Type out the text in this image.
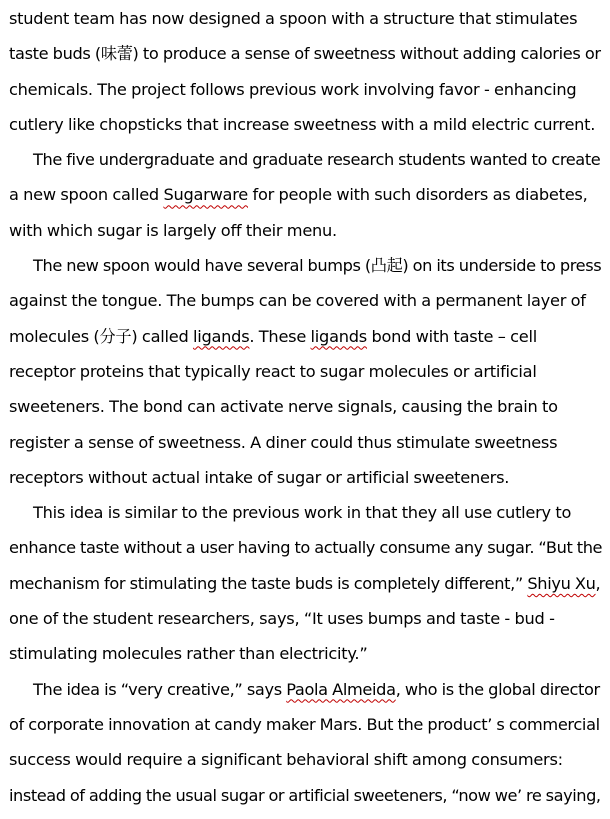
student team has now designed a spoon with a structure that stimulates
taste buds (味蕾) to produce a sense of sweetness without adding calories or
chemicals. The project follows previous work involving favor - enhancing
cutlery like chopsticks that increase sweetness with a mild electric current.
The five undergraduate and graduate research students wanted to create
a new spoon called Sugarware for people with such disorders as diabetes,
with which sugar is largely off their menu.
The new spoon would have several bumps (凸起) on its underside to press
against the tongue. The bumps can be covered with a permanent layer of
molecules (分子) called ligands. These ligands bond with taste – cell
receptor proteins that typically react to sugar molecules or artificial
sweeteners. The bond can activate nerve signals, causing the brain to
register a sense of sweetness. A diner could thus stimulate sweetness
receptors without actual intake of sugar or artificial sweeteners.
This idea is similar to the previous work in that they all use cutlery to
enhance taste without a user having to actually consume any sugar. “But the
mechanism for stimulating the taste buds is completely different,” Shiyu Xu,
one of the student researchers, says, “It uses bumps and taste - bud -
stimulating molecules rather than electricity.”
The idea is “very creative,” says Paola Almeida, who is the global director
of corporate innovation at candy maker Mars. But the product’ s commercial
success would require a significant behavioral shift among consumers:
instead of adding the usual sugar or artificial sweeteners, “now we’ re saying,
